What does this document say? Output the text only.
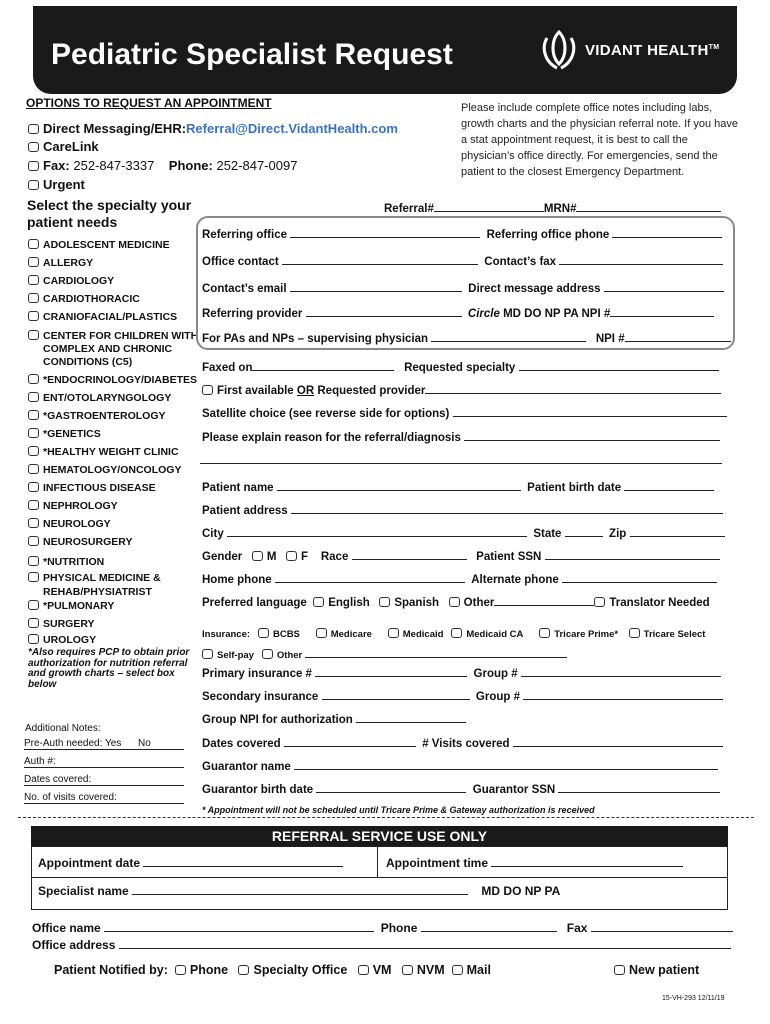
Pediatric Specialist Request	VIDANT HEALTH™
OPTIONS TO REQUEST AN APPOINTMENT	Please include complete office notes including labs, growth charts and the physician referral note. If you have a stat appointment request, it is best to call the physician’s office directly. For emergencies, send the patient to the closest Emergency Department.
Direct Messaging/EHR:Referral@Direct.VidantHealth.com
CareLink
Fax: 252-847-3337 Phone: 252-847-0097
Urgent
Select the specialty your patient needs
ADOLESCENT MEDICINE
ALLERGY
CARDIOLOGY
CARDIOTHORACIC
CRANIOFACIAL/PLASTICS
CENTER FOR CHILDREN WITH
*ENDOCRINOLOGY/DIABETES
ENT/OTOLARYNGOLOGY
*GASTROENTEROLOGY
*GENETICS
*HEALTHY WEIGHT CLINIC
HEMATOLOGY/ONCOLOGY
INFECTIOUS DISEASE
NEPHROLOGY
NEUROLOGY
NEUROSURGERY
*NUTRITION
PHYSICAL MEDICINE &
*PULMONARY
SURGERY
UROLOGY
COMPLEX AND CHRONIC
CONDITIONS (C5)
REHAB/PHYSIATRIST
*Also requires PCP to obtain prior authorization for nutrition referral and growth charts – select box below
Additional Notes:
Pre-Auth needed: Yes No
Auth #:
Dates covered:
No. of visits covered:
Referral#	MRN#
Referring office	Referring office phone
Office contact	Contact’s fax
Contact’s email	Direct message address
Referring provider	Circle MD DO NP PA NPI #
For PAs and NPs – supervising physician	NPI #
Faxed on	Requested specialty
First available OR Requested provider
Satellite choice (see reverse side for options)
Please explain reason for the referral/diagnosis
Patient name	Patient birth date
Patient address
City	State	Zip
Gender M F Race	Patient SSN
Home phone	Alternate phone
Preferred language English Spanish Other	Translator Needed
Insurance: BCBS	Medicare	Medicaid Medicaid CA	Tricare Prime*	Tricare Select
Self-pay Other
Primary insurance #	Group #
Secondary insurance	Group #
Group NPI for authorization
Dates covered	# Visits covered
Guarantor name
Guarantor birth date	Guarantor SSN
* Appointment will not be scheduled until Tricare Prime & Gateway authorization is received
REFERRAL SERVICE USE ONLY
Appointment date	Appointment time
Specialist name	MD DO NP PA
Office name	Phone	Fax
Office address
Patient Notified by: Phone Specialty Office VM NVM Mail	New patient
15-VH-293 12/11/19
